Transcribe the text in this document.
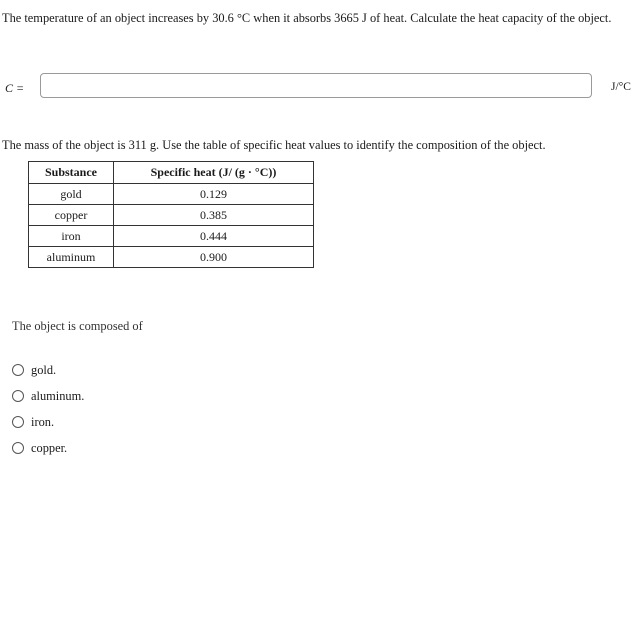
The temperature of an object increases by 30.6 °C when it absorbs 3665 J of heat. Calculate the heat capacity of the object.
C =	J/°C
The mass of the object is 311 g. Use the table of specific heat values to identify the composition of the object.
Substance	Specific heat (J/ (g · °C))
gold	0.129
copper	0.385
iron	0.444
aluminum	0.900
The object is composed of
gold.
aluminum.
iron.
copper.
